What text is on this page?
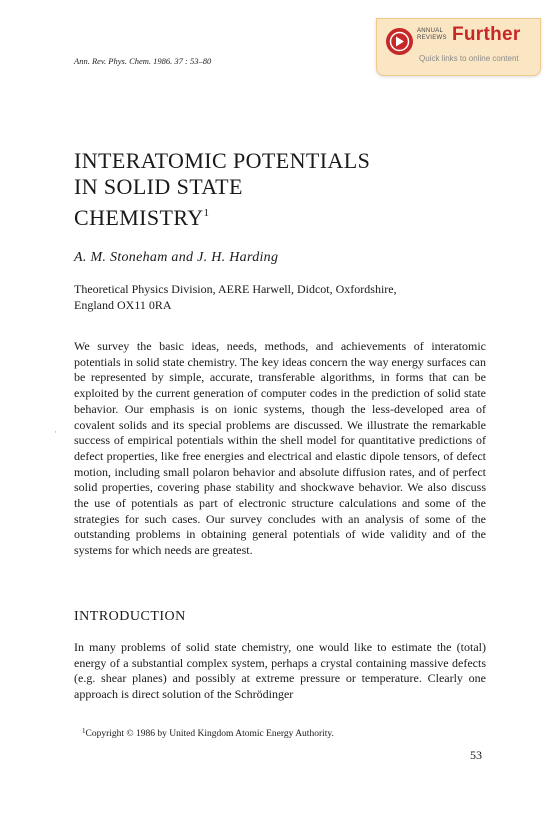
Ann. Rev. Phys. Chem. 1986. 37 : 53–80
ANNUAL
REVIEWS Further
Quick links to online content
INTERATOMIC POTENTIALS
IN SOLID STATE
CHEMISTRY$^1$
A. M. Stoneham and J. H. Harding
Theoretical Physics Division, AERE Harwell, Didcot, Oxfordshire,
England OX11 0RA

We survey the basic ideas, needs, methods, and achievements of interatomic potentials in solid state chemistry. The key ideas concern the way energy surfaces can be represented by simple, accurate, transferable algorithms, in forms that can be exploited by the current generation of computer codes in the prediction of solid state behavior. Our emphasis is on ionic systems, though the less-developed area of covalent solids and its special problems are discussed. We illustrate the remarkable success of empirical potentials within the shell model for quantitative predictions of defect properties, like free energies and electrical and elastic dipole tensors, of defect motion, including small polaron behavior and absolute diffusion rates, and of perfect solid properties, covering phase stability and shockwave behavior. We also discuss the use of potentials as part of electronic structure calculations and some of the strategies for such cases. Our survey concludes with an analysis of some of the outstanding problems in obtaining general potentials of wide validity and of the systems for which needs are greatest.

·
INTRODUCTION

In many problems of solid state chemistry, one would like to estimate the (total) energy of a substantial complex system, perhaps a crystal containing massive defects (e.g. shear planes) and possibly at extreme pressure or temperature. Clearly one approach is direct solution of the Schrödinger

$^1$Copyright © 1986 by United Kingdom Atomic Energy Authority.
53
